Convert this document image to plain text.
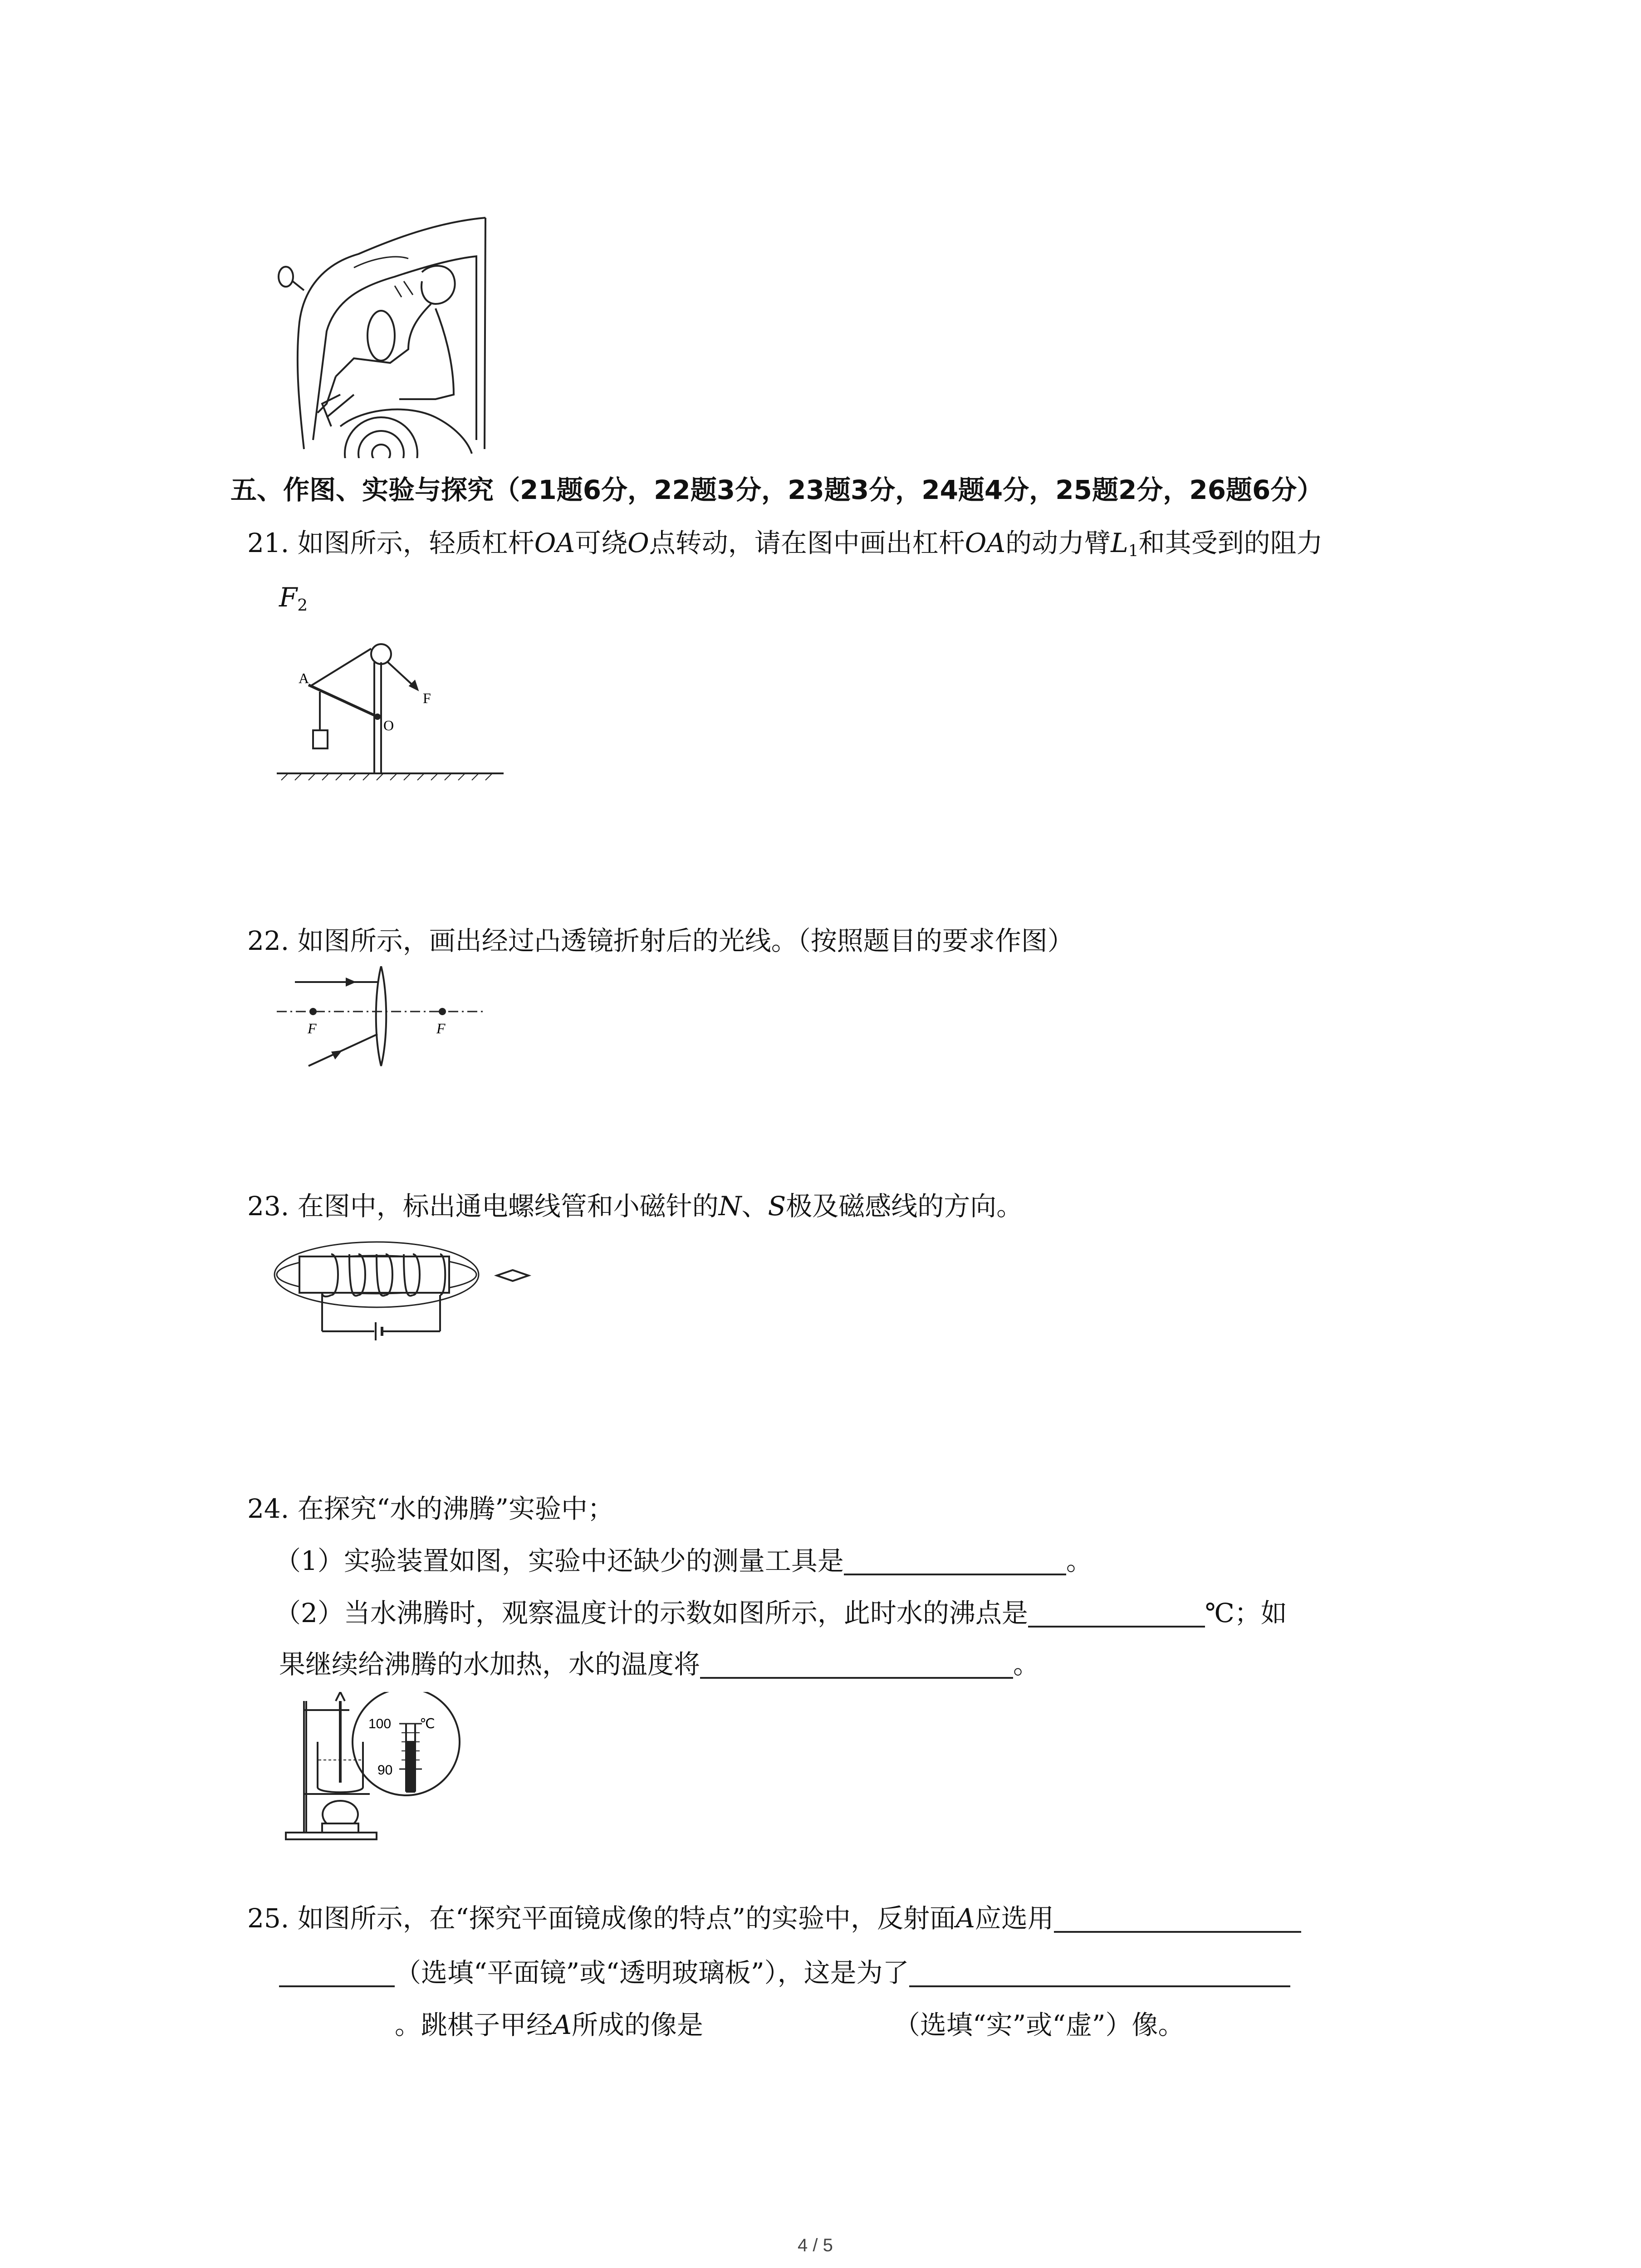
五、作图、实验与探究（21题6分，22题3分，23题3分，24题4分，25题2分，26题6分）
21. 如图所示，轻质杠杆OA可绕O点转动，请在图中画出杠杆OA的动力臂$L_1$和其受到的阻力
$F_2$
A
O
F
22. 如图所示，画出经过凸透镜折射后的光线。（按照题目的要求作图）
F	F
23. 在图中，标出通电螺线管和小磁针的N、S极及磁感线的方向。
24. 在探究“水的沸腾”实验中；
（1）实验装置如图，实验中还缺少的测量工具是	。
（2）当水沸腾时，观察温度计的示数如图所示，此时水的沸点是	℃；如
果继续给沸腾的水加热，水的温度将	。
100 ℃
90
25. 如图所示，在“探究平面镜成像的特点”的实验中，反射面A应选用
（选填“平面镜”或“透明玻璃板”），这是为了
。跳棋子甲经A所成的像是	（选填“实”或“虚”）像。
4 / 5
